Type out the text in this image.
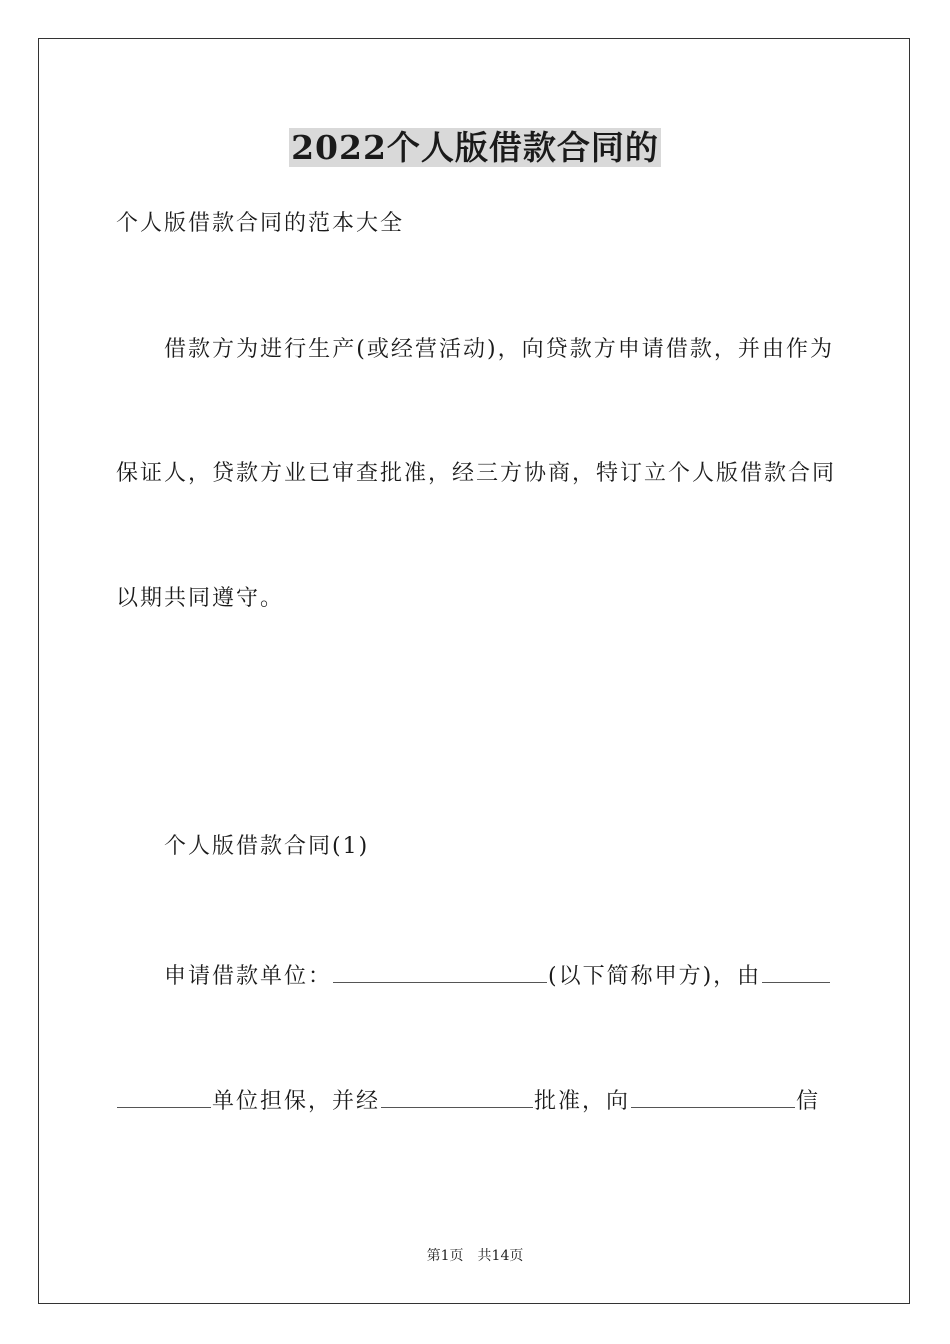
2022个人版借款合同的
个人版借款合同的范本大全
借款方为进行生产(或经营活动)，向贷款方申请借款，并由作为
保证人，贷款方业已审查批准，经三方协商，特订立个人版借款合同
以期共同遵守。
个人版借款合同(1)
申请借款单位：	(以下简称甲方)，由
单位担保，并经	批准，向	信
第1页 共14页
